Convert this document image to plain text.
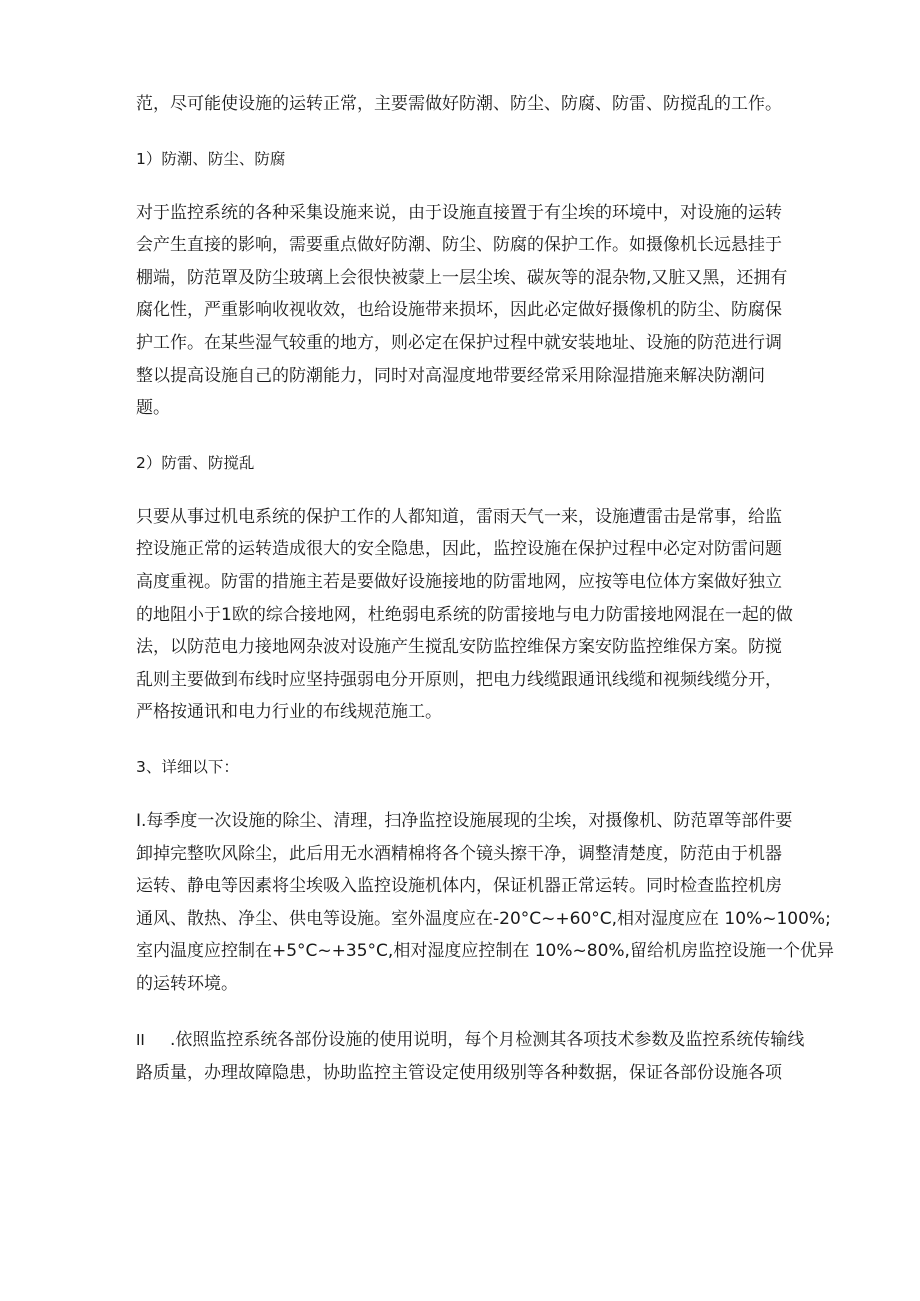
范，尽可能使设施的运转正常，主要需做好防潮、防尘、防腐、防雷、防搅乱的工作。

1）防潮、防尘、防腐

对于监控系统的各种采集设施来说，由于设施直接置于有尘埃的环境中，对设施的运转
会产生直接的影响，需要重点做好防潮、防尘、防腐的保护工作。如摄像机长远悬挂于
棚端，防范罩及防尘玻璃上会很快被蒙上一层尘埃、碳灰等的混杂物,又脏又黑，还拥有
腐化性，严重影响收视收效，也给设施带来损坏，因此必定做好摄像机的防尘、防腐保
护工作。在某些湿气较重的地方，则必定在保护过程中就安装地址、设施的防范进行调
整以提高设施自己的防潮能力，同时对高湿度地带要经常采用除湿措施来解决防潮问
题。

2）防雷、防搅乱

只要从事过机电系统的保护工作的人都知道，雷雨天气一来，设施遭雷击是常事，给监
控设施正常的运转造成很大的安全隐患，因此，监控设施在保护过程中必定对防雷问题
高度重视。防雷的措施主若是要做好设施接地的防雷地网，应按等电位体方案做好独立
的地阻小于1欧的综合接地网，杜绝弱电系统的防雷接地与电力防雷接地网混在一起的做
法，以防范电力接地网杂波对设施产生搅乱安防监控维保方案安防监控维保方案。防搅
乱则主要做到布线时应坚持强弱电分开原则，把电力线缆跟通讯线缆和视频线缆分开，
严格按通讯和电力行业的布线规范施工。

3、详细以下：

I.每季度一次设施的除尘、清理，扫净监控设施展现的尘埃，对摄像机、防范罩等部件要
卸掉完整吹风除尘，此后用无水酒精棉将各个镜头擦干净，调整清楚度，防范由于机器
运转、静电等因素将尘埃吸入监控设施机体内，保证机器正常运转。同时检查监控机房
通风、散热、净尘、供电等设施。室外温度应在-20°C~+60°C,相对湿度应在 10%~100%;
室内温度应控制在+5°C~+35°C,相对湿度应控制在 10%~80%,留给机房监控设施一个优异
的运转环境。

II .依照监控系统各部份设施的使用说明，每个月检测其各项技术参数及监控系统传输线
路质量，办理故障隐患，协助监控主管设定使用级别等各种数据，保证各部份设施各项
